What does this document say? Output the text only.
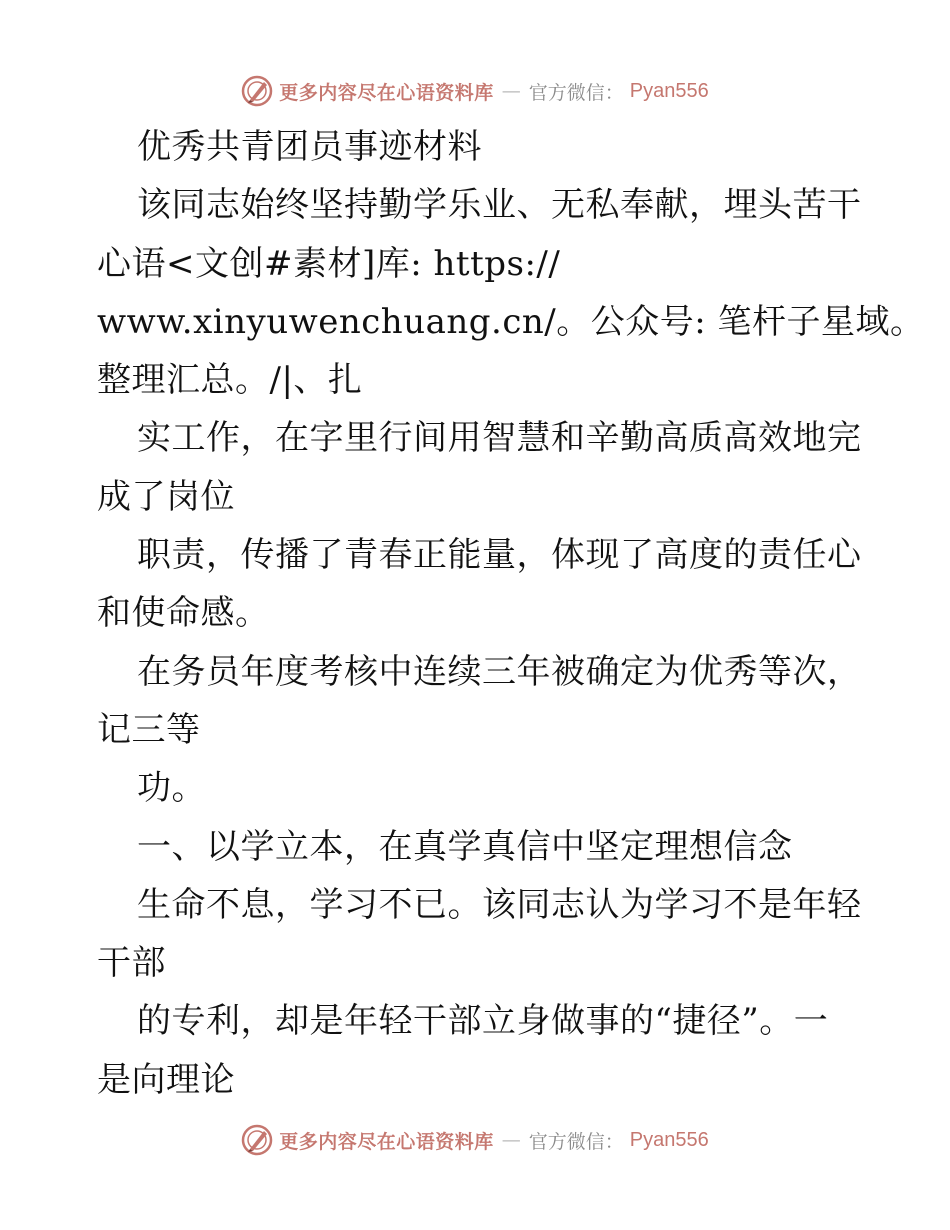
更多内容尽在心语资料库 — 官方微信： Pyan556
优秀共青团员事迹材料
该同志始终坚持勤学乐业、无私奉献，埋头苦干
心语<文创#素材]库: https://
www.xinyuwenchuang.cn/。公众号: 笔杆子星域。
整理汇总。/|、扎
实工作，在字里行间用智慧和辛勤高质高效地完
成了岗位
职责，传播了青春正能量，体现了高度的责任心
和使命感。
在务员年度考核中连续三年被确定为优秀等次，
记三等
功。
一、以学立本，在真学真信中坚定理想信念
生命不息，学习不已。该同志认为学习不是年轻
干部
的专利，却是年轻干部立身做事的“捷径”。一
是向理论
更多内容尽在心语资料库 — 官方微信： Pyan556
